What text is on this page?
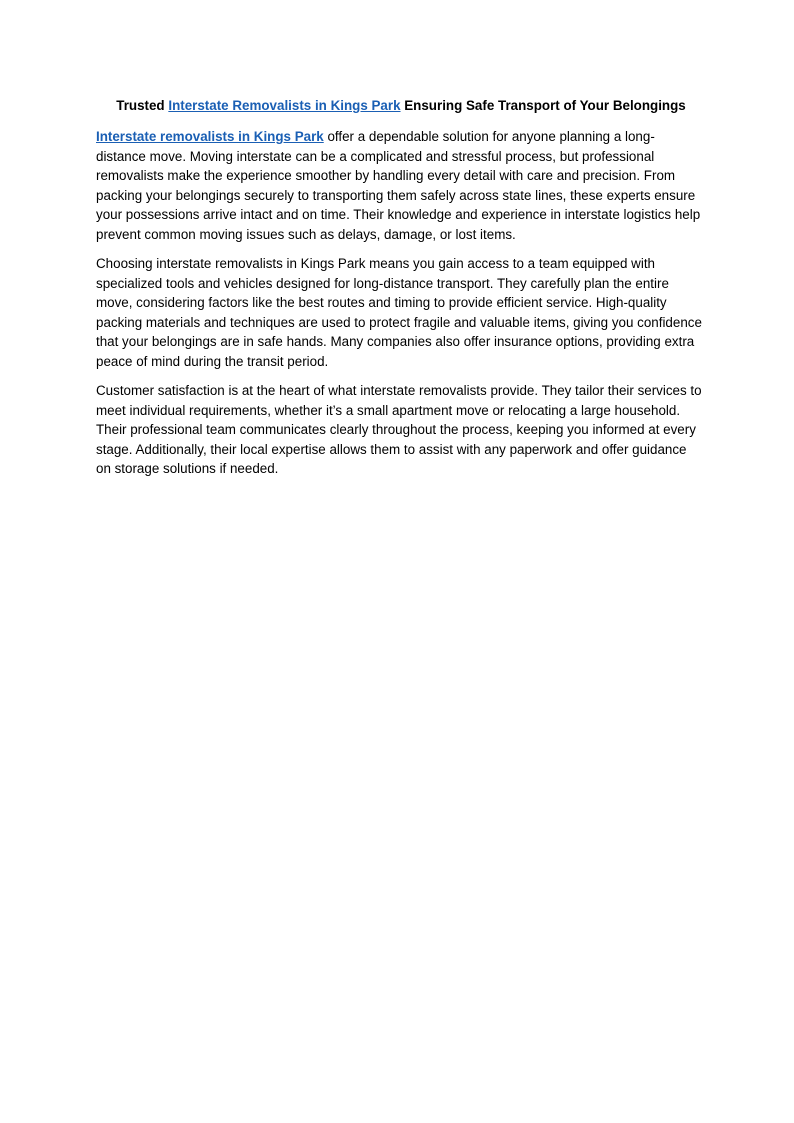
Trusted Interstate Removalists in Kings Park Ensuring Safe Transport of Your Belongings

Interstate removalists in Kings Park offer a dependable solution for anyone planning a long-distance move. Moving interstate can be a complicated and stressful process, but professional removalists make the experience smoother by handling every detail with care and precision. From packing your belongings securely to transporting them safely across state lines, these experts ensure your possessions arrive intact and on time. Their knowledge and experience in interstate logistics help prevent common moving issues such as delays, damage, or lost items.

Choosing interstate removalists in Kings Park means you gain access to a team equipped with specialized tools and vehicles designed for long-distance transport. They carefully plan the entire move, considering factors like the best routes and timing to provide efficient service. High-quality packing materials and techniques are used to protect fragile and valuable items, giving you confidence that your belongings are in safe hands. Many companies also offer insurance options, providing extra peace of mind during the transit period.

Customer satisfaction is at the heart of what interstate removalists provide. They tailor their services to meet individual requirements, whether it’s a small apartment move or relocating a large household. Their professional team communicates clearly throughout the process, keeping you informed at every stage. Additionally, their local expertise allows them to assist with any paperwork and offer guidance on storage solutions if needed.
